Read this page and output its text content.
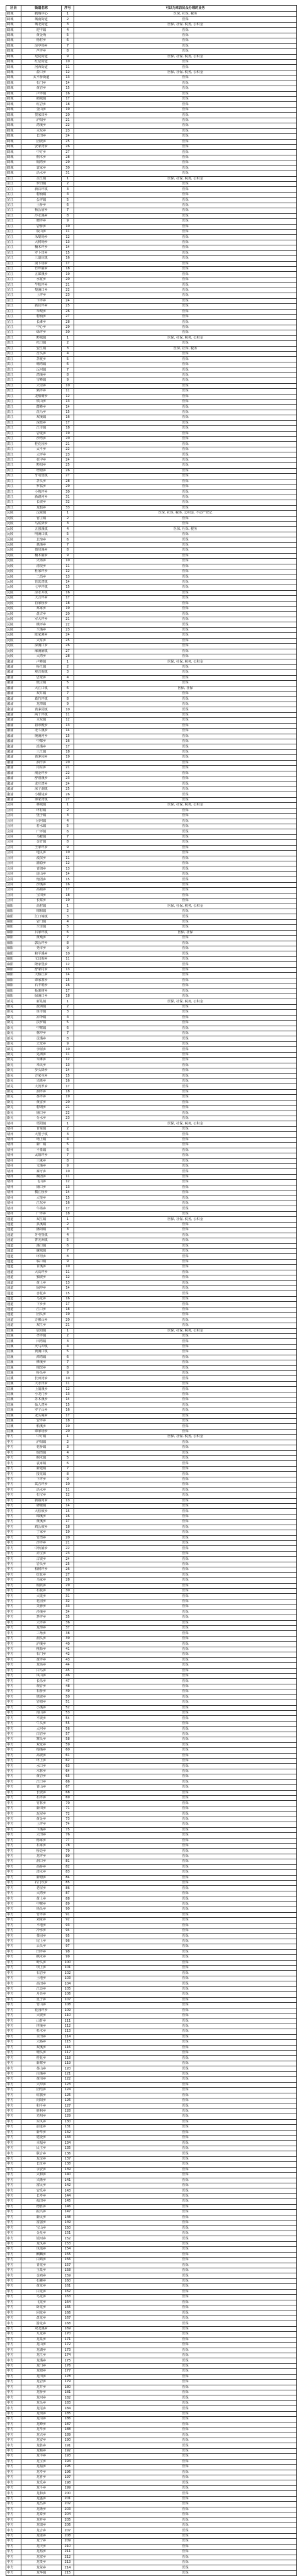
区县	街道名称	序号	可以为来访民众办理的业务
鹤城	鹤城中心	1	医保, 社保, 税务
鹤城	城南街道	2	医保
鹤城	城北街道	3	医保, 社保, 税务, 公积金
鹤城	迎丰镇	4	医保
鹤城	黄金坳	5	医保
鹤城	杨村乡	6	医保
鹤城	凉亭坳乡	7	医保
鹤城	芦坪乡	8	医保
鹤城	坨院街道	9	医保, 社保, 税务, 公积金
鹤城	红星街道	10	医保
鹤城	河西街道	11	医保
鹤城	盈口乡	12	医保, 社保, 税务, 公积金
鹤城	太平桥街道	13	医保
鹤城	石门乡	14	医保
鹤城	黄岩乡	15	医保
鹤城	卢坪镇	16	医保
鹤城	鹤城镇	17	医保
鹤城	红岩乡	18	医保
鹤城	金山乡	19	医保
鹤城	贺家田乡	20	医保
鹤城	泸阳乡	21	医保
鹤城	湾溪乡	22	医保
鹤城	水东乡	23	医保
鹤城	长田乡	24	医保
鹤城	团坡乡	25	医保
鹤城	安家湾乡	26	医保
鹤城	中方乡	27	医保
鹤城	桐木乡	28	医保
鹤城	铜湾乡	29	医保
鹤城	袁家乡	30	医保
鹤城	活水乡	31	医保
芷江	芷江镇	1	医保, 社保, 税务, 公积金
芷江	罗旧镇	2	医保
芷江	新店坪镇	3	医保
芷江	碧涌镇	4	医保
芷江	公坪镇	5	医保
芷江	土桥乡	6	医保
芷江	杨公庙乡	7	医保
芷江	冷水溪乡	8	医保
芷江	晓坪乡	9	医保
芷江	岩桥乡	10	医保
芷江	板山乡	11	医保
芷江	禾梨坳乡	12	医保
芷江	大树坳乡	13	医保
芷江	楠木坪乡	14	医保
芷江	罗卜田乡	15	医保
芷江	三道坑镇	16	医保
芷江	洞下场乡	17	医保
芷江	竹坪铺乡	18	医保
芷江	五郎溪乡	19	医保
芷江	水宽乡	20	医保
芷江	牛牯坪乡	21	医保
芷江	梨溪口乡	22	医保
芷江	上坪乡	23	医保
芷江	下坪乡	24	医保
芷江	新店坪乡	25	医保
芷江	禾梨乡	26	医保
芷江	碧涌乡	27	医保
芷江	长滩乡	28	医保
芷江	中心乡	29	医保
芷江	绿坪乡	30	医保
洪江	黔城镇	1	医保, 社保, 税务, 公积金
洪江	托口镇	2	医保
洪江	安江镇	3	医保, 社保, 税务
洪江	岔头乡	4	医保
洪江	茅渡乡	5	医保
洪江	塘湾镇	6	医保
洪江	沅河镇	7	医保
洪江	湾溪乡	8	医保
洪江	雪峰镇	9	医保
洪江	大崇乡	10	医保
洪江	熟坪乡	11	医保
洪江	龙船塘乡	12	医保
洪江	铁山乡	13	医保
洪江	群峰乡	14	医保
洪江	洗马乡	15	医保
洪江	双溪镇	16	医保
洪江	深渡乡	17	医保
洪江	江市镇	18	医保
洪江	岩垅乡	19	医保
洪江	沙湾乡	20	医保
洪江	桂花园乡	21	医保
洪江	太平乡	22	医保
洪江	大坪乡	23	医保
洪江	花甲乡	24	医保
洪江	黔阳乡	25	医保
洪江	堙塘乡	26	医保
洪江	牙屯堡镇	27	医保
洪江	茅头乡	28	医保
洪江	罗翁乡	29	医保
洪江	小熟坪乡	30	医保
洪江	新路河乡	31	医保
洪江	长坡乡	32	医保
洪江	龙船乡	33	医保
沅陵	沅陵镇	1	医保, 社保, 税务, 公积金, 不动产登记
沅陵	官庄镇	2	医保
沅陵	马底驿乡	3	医保
沅陵	五强溪镇	4	医保, 社保, 税务
沅陵	明溪口镇	5	医保
沅陵	北溶乡	6	医保
沅陵	荔溪乡	7	医保
沅陵	借母溪乡	8	医保
沅陵	楠木铺乡	9	医保
沅陵	火场乡	10	医保
沅陵	清浪乡	11	医保
沅陵	杜家坪乡	12	医保
沅陵	二酉乡	13	医保
沅陵	筲箕湾镇	14	医保
沅陵	七甲坪镇	15	医保
沅陵	凉水井镇	16	医保
沅陵	大合坪乡	17	医保
沅陵	肖家桥乡	18	医保
沅陵	郑家乡	19	医保
沅陵	盘古乡	20	医保
沅陵	军大坪乡	21	医保
沅陵	棋坪乡	22	医保
沅陵	兰溪乡	23	医保
沅陵	陈家滩乡	24	医保
沅陵	太常乡	25	医保
沅陵	深溪口乡	26	医保
沅陵	麻溪铺镇	27	医保
沅陵	大湾乡	28	医保
溆浦	卢峰镇	1	医保, 社保, 税务, 公积金
溆浦	桥江镇	2	医保
溆浦	观音阁镇	3	医保
溆浦	思蒙乡	4	医保
溆浦	低庄镇	5	医保
溆浦	大江口镇	6	医保, 社保
溆浦	双井镇	7	医保
溆浦	葛竹坪镇	8	医保
溆浦	龙潭镇	9	医保
溆浦	黄茅园镇	10	医保
溆浦	两丫坪镇	11	医保
溆浦	水东镇	12	医保
溆浦	祖市殿乡	13	医保
溆浦	北斗溪乡	14	医保
溆浦	统溪河乡	15	医保
溆浦	中都乡	16	医保
溆浦	沿溪乡	17	医保
溆浦	三江镇	18	医保
溆浦	黄茅园乡	19	医保
溆浦	油洋乡	20	医保
溆浦	岗东乡	21	医保
溆浦	淘金坪乡	22	医保
溆浦	舒溶溪乡	23	医保
溆浦	龙庄湾乡	24	医保
溆浦	深子湖镇	25	医保
溆浦	小横垅乡	26	医保
溆浦	谭家湾镇	27	医保
会同	林城镇	1	医保, 社保, 税务, 公积金
会同	坪村镇	2	医保
会同	堡子镇	3	医保
会同	团河镇	4	医保
会同	若水镇	5	医保
会同	广坪镇	6	医保
会同	马鞍镇	7	医保
会同	金竹镇	8	医保
会同	王家坪乡	9	医保
会同	地灵乡	10	医保
会同	漠滨乡	11	医保
会同	蒲稳乡	12	医保
会同	青朗乡	13	医保
会同	连山乡	14	医保
会同	炮团乡	15	医保
会同	沙溪乡	16	医保
会同	高椅乡	17	医保
会同	宝田乡	18	医保
会同	长寨乡	19	医保
麻阳	高村镇	1	医保, 社保, 税务, 公积金
麻阳	锦和镇	2	医保
麻阳	江口墟镇	3	医保
麻阳	岩门镇	4	医保
麻阳	兰里镇	5	医保
麻阳	吕家坪镇	6	医保, 社保
麻阳	黄桑乡	7	医保
麻阳	郭公坪乡	8	医保
麻阳	尧市乡	9	医保
麻阳	和平溪乡	10	医保
麻阳	文昌阁乡	11	医保
麻阳	隆家堡乡	12	医保
麻阳	舒家村乡	13	医保
麻阳	大桥江乡	14	医保
麻阳	谭家寨乡	15	医保
麻阳	石羊哨乡	16	医保
麻阳	板栗树乡	17	医保
麻阳	绿溪口乡	18	医保
新晃	新晃镇	1	医保, 社保, 税务, 公积金
新晃	波洲镇	2	医保
新晃	鱼市镇	3	医保
新晃	凉伞镇	4	医保
新晃	扶罗镇	5	医保
新晃	中寨镇	6	医保
新晃	林冲乡	7	医保
新晃	贡溪乡	8	医保
新晃	天堂乡	9	医保
新晃	李树乡	10	医保
新晃	晃洲乡	11	医保
新晃	禾滩乡	12	医保
新晃	米贝乡	13	医保
新晃	步头降乡	14	医保
新晃	方家屯乡	15	医保
新晃	兴隆乡	16	医保
新晃	大湾罗乡	17	医保
新晃	洞坪乡	18	医保
新晃	茶坪乡	19	医保
新晃	黄雷乡	20	医保
新晃	碧朗乡	21	医保
新晃	铺口乡	22	医保
新晃	分水乡	23	医保
靖州	渠阳镇	1	医保, 社保, 税务, 公积金
靖州	甘棠镇	2	医保
靖州	大堡子镇	3	医保
靖州	坳上镇	4	医保
靖州	新厂镇	5	医保
靖州	平茶镇	6	医保
靖州	太阳坪乡	7	医保
靖州	三锹乡	8	医保
靖州	文溪乡	9	医保
靖州	寨牙乡	10	医保
靖州	藕团乡	11	医保
靖州	飞山乡	12	医保
靖州	铺口乡	13	医保
靖州	横江桥乡	14	医保
靖州	大堡乡	15	医保
靖州	江东乡	16	医保
靖州	牛场乡	17	医保
靖州	广坪乡	18	医保
通道	双江镇	1	医保, 社保, 税务, 公积金
通道	县溪镇	2	医保
通道	播阳镇	3	医保
通道	牙屯堡镇	4	医保
通道	菁芜洲镇	5	医保
通道	溪口镇	6	医保
通道	陇城镇	7	医保
通道	坪坦乡	8	医保
通道	临口镇	9	医保
通道	甘溪乡	10	医保
通道	大高坪乡	11	医保
通道	独坡乡	12	医保
通道	黄土乡	13	医保
通道	锅冲乡	14	医保
通道	杏花乡	15	医保
通道	马龙乡	16	医保
通道	下乡乡	17	医保
通道	江口乡	18	医保
通道	团头乡	19	医保
通道	万佛山乡	20	医保
通道	双江乡	21	医保
辰溪	辰阳镇	1	医保, 社保, 税务, 公积金
辰溪	孝坪镇	2	医保
辰溪	田湾镇	3	医保
辰溪	火马冲镇	4	医保
辰溪	黄溪口镇	5	医保
辰溪	潭湾镇	6	医保
辰溪	修溪乡	7	医保
辰溪	锦滨乡	8	医保
辰溪	桥头乡	9	医保
辰溪	长田湾乡	10	医保
辰溪	大水田乡	11	医保
辰溪	上蒲溪乡	12	医保
辰溪	小龙门乡	13	医保
辰溪	苏木溪乡	14	医保
辰溪	仙人湾乡	15	医保
辰溪	罗子山乡	16	医保
辰溪	龙头庵乡	17	医保
辰溪	安坪乡	18	医保
辰溪	船溪乡	19	医保
辰溪	谭家场乡	20	医保
中方	中方镇	1	医保, 社保, 税务, 公积金
中方	泸阳镇	2	医保
中方	花桥镇	3	医保
中方	铜湾镇	4	医保
中方	桐木镇	5	医保
中方	袁家镇	6	医保
中方	新建镇	7	医保
中方	接龙镇	8	医保
中方	下坪乡	9	医保
中方	蒿吉坪乡	10	医保
中方	活水乡	11	医保
中方	石宝乡	12	医保
中方	新路河乡	13	医保
中方	牌楼镇	14	医保
中方	大松坡乡	15	医保
中方	锦溪乡	16	医保
中方	黄溪乡	17	医保
中方	鸡公坡乡	18	医保
中方	丁家乡	19	医保
中方	竹湾乡	20	医保
中方	沙坪乡	21	医保
中方	中伙铺乡	22	医保
中方	赤宝乡	23	医保
中方	古坡乡	24	医保
中方	岩头乡	25	医保
中方	柏树坪乡	26	医保
中方	红花乡	27	医保
中方	马家乡	28	医保
中方	铜鼓乡	29	医保
中方	石板乡	30	医保
中方	大垅乡	31	医保
中方	花园乡	32	医保
中方	芙蓉乡	33	医保
中方	沙溪乡	34	医保
中方	茅坪乡	35	医保
中方	大坪乡	36	医保
中方	龙潭乡	37	医保
中方	三角乡	38	医保
中方	洞头乡	39	医保
中方	泸溪乡	40	医保
中方	桃源乡	41	医保
中方	石门乡	42	医保
中方	黄坪乡	43	医保
中方	龙场乡	44	医保
中方	白马乡	45	医保
中方	凤山乡	46	医保
中方	长乐乡	47	医保
中方	观音乡	48	医保
中方	石桥乡	49	医保
中方	铁坡乡	50	医保
中方	岩塘乡	51	医保
中方	小溪乡	52	医保
中方	南山乡	53	医保
中方	平坡乡	54	医保
中方	牛头乡	55	医保
中方	大河乡	56	医保
中方	白岩乡	57	医保
中方	寨头乡	58	医保
中方	双龙乡	59	医保
中方	梅溪乡	60	医保
中方	高坡乡	61	医保
中方	坪上乡	62	医保
中方	水口乡	63	医保
中方	木林乡	64	医保
中方	黄岩乡	65	医保
中方	江口乡	66	医保
中方	青山乡	67	医保
中方	长坡乡	68	医保
中方	石坪乡	69	医保
中方	竹林乡	70	医保
中方	新田乡	71	医保
中方	瓦屋乡	72	医保
中方	黄金乡	73	医保
中方	上坪乡	74	医保
中方	下溪乡	75	医保
中方	大田乡	76	医保
中方	杨家乡	77	医保
中方	石家乡	78	医保
中方	桥边乡	79	医保
中方	龙坪乡	80	医保
中方	洞口乡	81	医保
中方	高桥乡	82	医保
中方	清水乡	83	医保
中方	新塘乡	84	医保
中方	石门坎乡	85	医保
中方	老屋乡	86	医保
中方	大湾乡	87	医保
中方	黄土乡	88	医保
中方	中寨乡	89	医保
中方	坳头乡	90	医保
中方	竹坪乡	91	医保
中方	刘家乡	92	医保
中方	平地乡	93	医保
中方	冷水乡	94	医保
中方	茶园乡	95	医保
中方	尾上乡	96	医保
中方	云头乡	97	医保
中方	田坪乡	98	医保
中方	枫木乡	99	医保
中方	岭头乡	100	医保
中方	坝上乡	101	医保
中方	石岩乡	102	医保
中方	土地乡	103	医保
中方	高田乡	104	医保
中方	江边乡	105	医保
中方	月亮乡	106	医保
中方	星子乡	107	医保
中方	竹山乡	108	医保
中方	花园坪乡	109	医保
中方	大坡乡	110	医保
中方	山背乡	111	医保
中方	坪溪乡	112	医保
中方	杉木乡	113	医保
中方	水田乡	114	医保
中方	大路乡	115	医保
中方	双溪乡	116	医保
中方	塘头乡	117	医保
中方	桂花乡	118	医保
中方	新寨乡	119	医保
中方	茶山乡	120	医保
中方	白溪乡	121	医保
中方	黄岗乡	122	医保
中方	大冲乡	123	医保
中方	团结乡	124	医保
中方	红旗乡	125	医保
中方	向阳乡	126	医保
中方	和平乡	127	医保
中方	胜利乡	128	医保
中方	光明乡	129	医保
中方	东风乡	130	医保
中方	前进乡	131	医保
中方	新华乡	132	医保
中方	建设乡	133	医保
中方	幸福乡	134	医保
中方	民主乡	135	医保
中方	联合乡	136	医保
中方	友谊乡	137	医保
中方	长征乡	138	医保
中方	永安乡	139	医保
中方	太和乡	140	医保
中方	兴隆乡	141	医保
中方	富民乡	142	医保
中方	安乐乡	143	医保
中方	长寿乡	144	医保
中方	福田乡	145	医保
中方	德胜乡	146	医保
中方	振兴乡	147	医保
中方	新民乡	148	医保
中方	富强乡	149	医保
中方	宝山乡	150	医保
中方	金星乡	151	医保
中方	银河乡	152	医保
中方	龙凤乡	153	医保
中方	凤凰乡	154	医保
中方	麒麟乡	155	医保
中方	白鹤乡	156	医保
中方	青龙乡	157	医保
中方	玉泉乡	158	医保
中方	金鸡乡	159	医保
中方	石狮乡	160	医保
中方	黄龙乡	161	医保
中方	白龙乡	162	医保
中方	乌龙乡	163	医保
中方	飞龙乡	164	医保
中方	卧龙乡	165	医保
中方	回龙乡	166	医保
中方	盘龙乡	167	医保
中方	游龙乡	168	医保
中方	双龙溪乡	169	医保
中方	九龙乡	170	医保
中方	龙泉乡	171	医保
中方	龙山乡	172	医保
中方	龙湖乡	173	医保
中方	龙江乡	174	医保
中方	龙溪乡	175	医保
中方	龙门乡	176	医保
中方	龙塘乡	177	医保
中方	龙田乡	178	医保
中方	龙岩乡	179	医保
中方	龙井乡	180	医保
中方	龙桥乡	181	医保
中方	龙河乡	182	医保
中方	龙头乡	183	医保
中方	龙尾乡	184	医保
中方	龙坝乡	185	医保
中方	龙岗乡	186	医保
中方	龙峰乡	187	医保
中方	龙华乡	188	医保
中方	龙兴乡	189	医保
中方	龙安乡	190	医保
中方	龙胜乡	191	医保
中方	龙顺乡	192	医保
中方	龙丰乡	193	医保
中方	龙宝乡	194	医保
中方	龙福乡	195	医保
中方	龙寿乡	196	医保
中方	龙喜乡	197	医保
中方	龙乐乡	198	医保
中方	龙平乡	199	医保
中方	龙和乡	200	医保
中方	龙盛乡	201	医保
中方	龙昌乡	202	医保
中方	龙隆乡	203	医保
中方	龙泰乡	204	医保
中方	龙祥乡	205	医保
中方	龙瑞乡	206	医保
中方	龙吉乡	207	医保
中方	龙康乡	208	医保
中方	龙宁乡	209	医保
中方	龙庆乡	210	医保
中方	龙裕乡	211	医保
中方	龙富乡	212	医保
中方	龙贵乡	213	医保
中方	龙荣乡	214	医保
中方	龙华镇	215	医保
